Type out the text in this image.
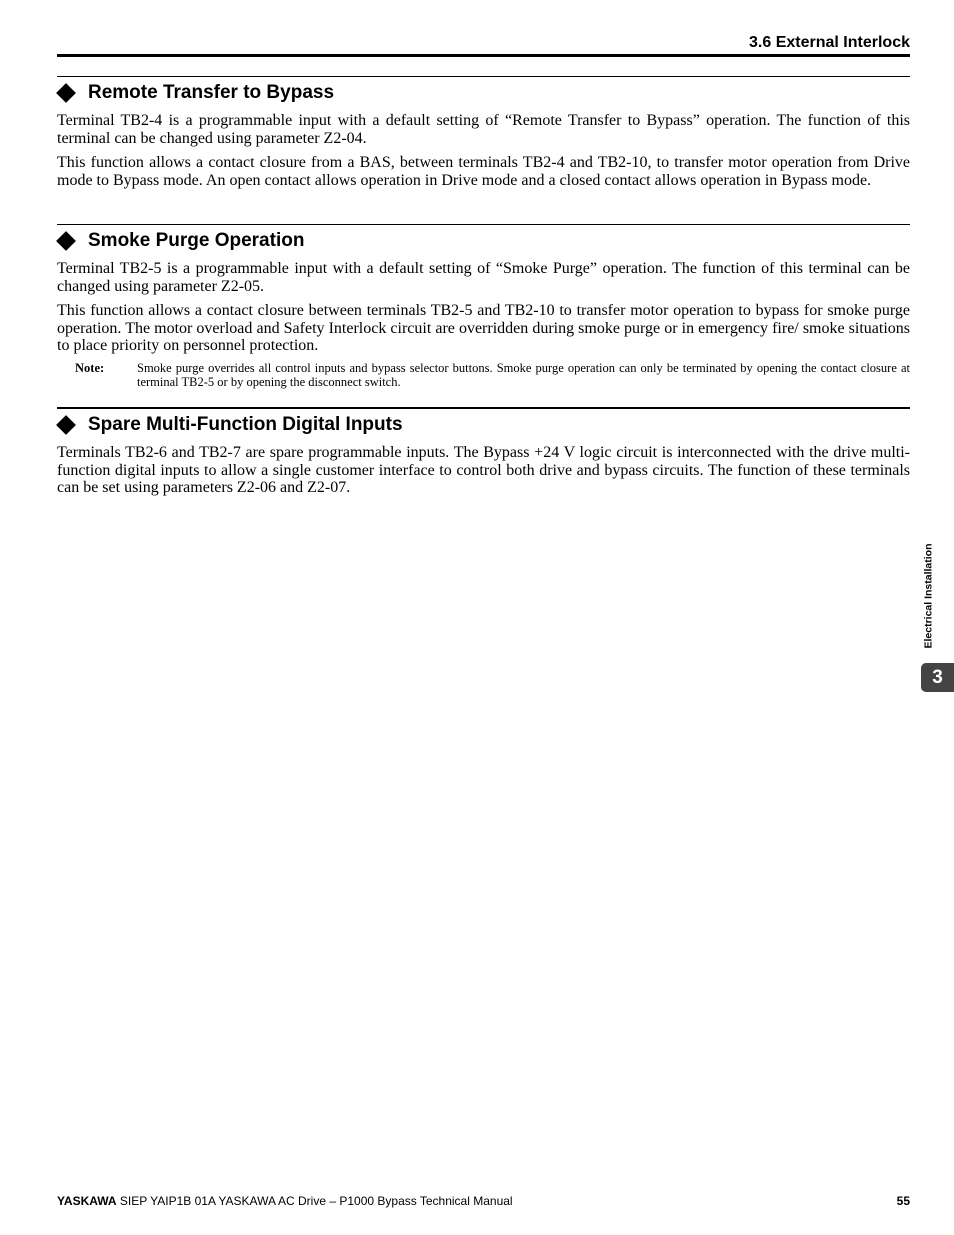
3.6 External Interlock
Remote Transfer to Bypass

Terminal TB2-4 is a programmable input with a default setting of “Remote Transfer to Bypass” operation. The function of this terminal can be changed using parameter Z2-04.

This function allows a contact closure from a BAS, between terminals TB2-4 and TB2-10, to transfer motor operation from Drive mode to Bypass mode. An open contact allows operation in Drive mode and a closed contact allows operation in Bypass mode.

Smoke Purge Operation

Terminal TB2-5 is a programmable input with a default setting of “Smoke Purge” operation. The function of this terminal can be changed using parameter Z2-05.

This function allows a contact closure between terminals TB2-5 and TB2-10 to transfer motor operation to bypass for smoke purge operation. The motor overload and Safety Interlock circuit are overridden during smoke purge or in emergency fire/ smoke situations to place priority on personnel protection.

Note:	Smoke purge overrides all control inputs and bypass selector buttons. Smoke purge operation can only be terminated by opening the contact closure at terminal TB2-5 or by opening the disconnect switch.
Spare Multi-Function Digital Inputs

Terminals TB2-6 and TB2-7 are spare programmable inputs. The Bypass +24 V logic circuit is interconnected with the drive multi-function digital inputs to allow a single customer interface to control both drive and bypass circuits. The function of these terminals can be set using parameters Z2-06 and Z2-07.

Electrical Installation
3
YASKAWA SIEP YAIP1B 01A YASKAWA AC Drive – P1000 Bypass Technical Manual	55
